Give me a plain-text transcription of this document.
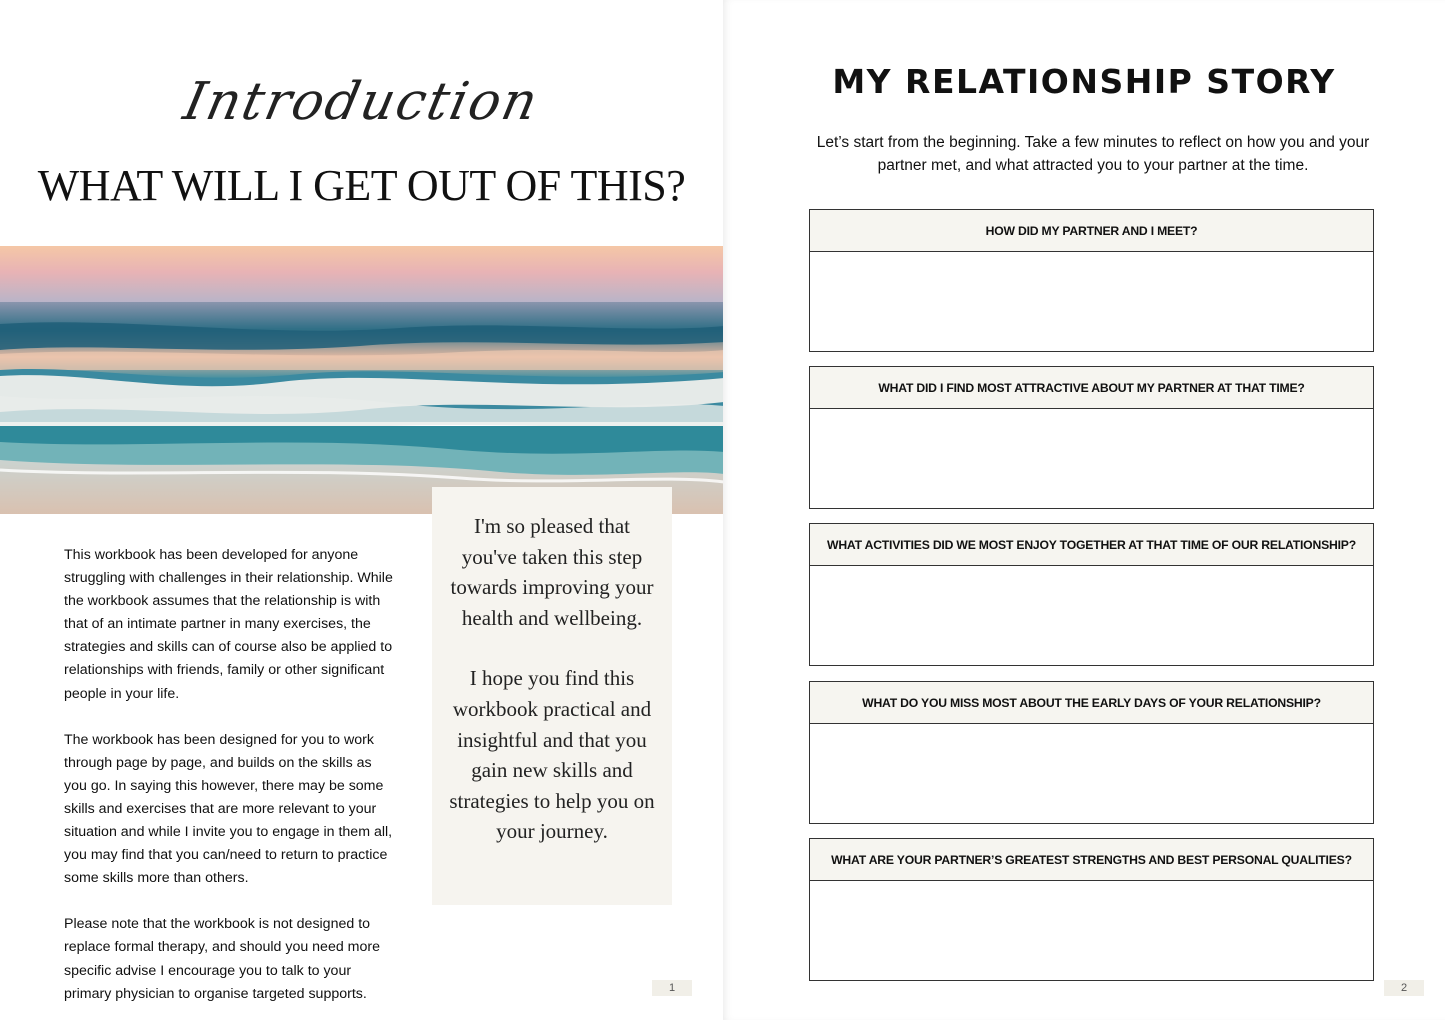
Introduction
WHAT WILL I GET OUT OF THIS?

This workbook has been developed for anyone struggling with challenges in their relationship. While the workbook assumes that the relationship is with that of an intimate partner in many exercises, the strategies and skills can of course also be applied to relationships with friends, family or other significant people in your life.

The workbook has been designed for you to work through page by page, and builds on the skills as you go. In saying this however, there may be some skills and exercises that are more relevant to your situation and while I invite you to engage in them all, you may find that you can/need to return to practice some skills more than others.

Please note that the workbook is not designed to replace formal therapy, and should you need more specific advise I encourage you to talk to your primary physician to organise targeted supports.

I'm so pleased that you've taken this step towards improving your health and wellbeing.

I hope you find this workbook practical and insightful and that you gain new skills and strategies to help you on your journey.

1
MY RELATIONSHIP STORY
Let’s start from the beginning. Take a few minutes to reflect on how you and your partner met, and what attracted you to your partner at the time.
HOW DID MY PARTNER AND I MEET?
WHAT DID I FIND MOST ATTRACTIVE ABOUT MY PARTNER AT THAT TIME?
WHAT ACTIVITIES DID WE MOST ENJOY TOGETHER AT THAT TIME OF OUR RELATIONSHIP?
WHAT DO YOU MISS MOST ABOUT THE EARLY DAYS OF YOUR RELATIONSHIP?
WHAT ARE YOUR PARTNER’S GREATEST STRENGTHS AND BEST PERSONAL QUALITIES?
2
